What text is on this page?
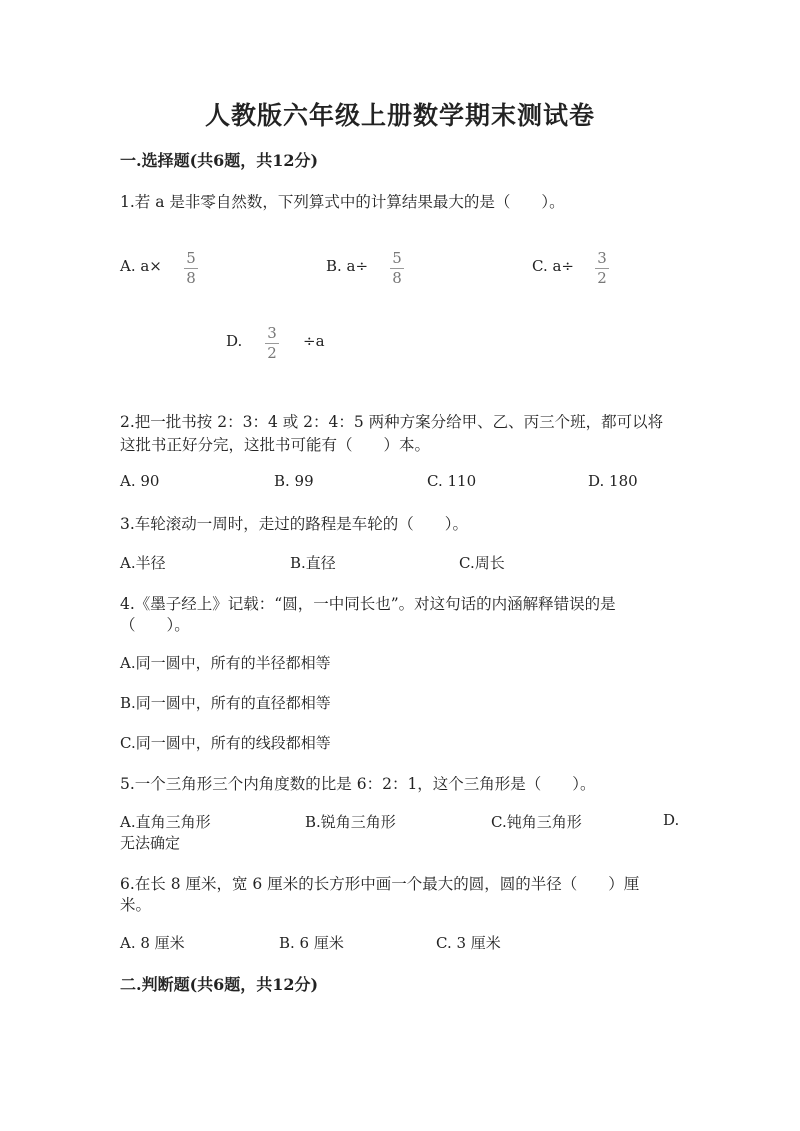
人教版六年级上册数学期末测试卷
一.选择题(共6题，共12分)
1.若 a 是非零自然数，下列算式中的计算结果最大的是（　　）。
A. a× 5
8
B. a÷ 5
8
C. a÷ 3
2
D. 3
2
÷a
2.把一批书按 2：3：4 或 2：4：5 两种方案分给甲、乙、丙三个班，都可以将
这批书正好分完，这批书可能有（　　）本。
A. 90	B. 99	C. 110	D. 180
3.车轮滚动一周时，走过的路程是车轮的（　　）。
A.半径	B.直径	C.周长
4.《墨子经上》记载：“圆，一中同长也”。对这句话的内涵解释错误的是
（　　）。
A.同一圆中，所有的半径都相等
B.同一圆中，所有的直径都相等
C.同一圆中，所有的线段都相等
5.一个三角形三个内角度数的比是 6：2：1，这个三角形是（　　）。
A.直角三角形	B.锐角三角形	C.钝角三角形	D.
无法确定
6.在长 8 厘米，宽 6 厘米的长方形中画一个最大的圆，圆的半径（　　）厘
米。
A. 8 厘米	B. 6 厘米	C. 3 厘米
二.判断题(共6题，共12分)
